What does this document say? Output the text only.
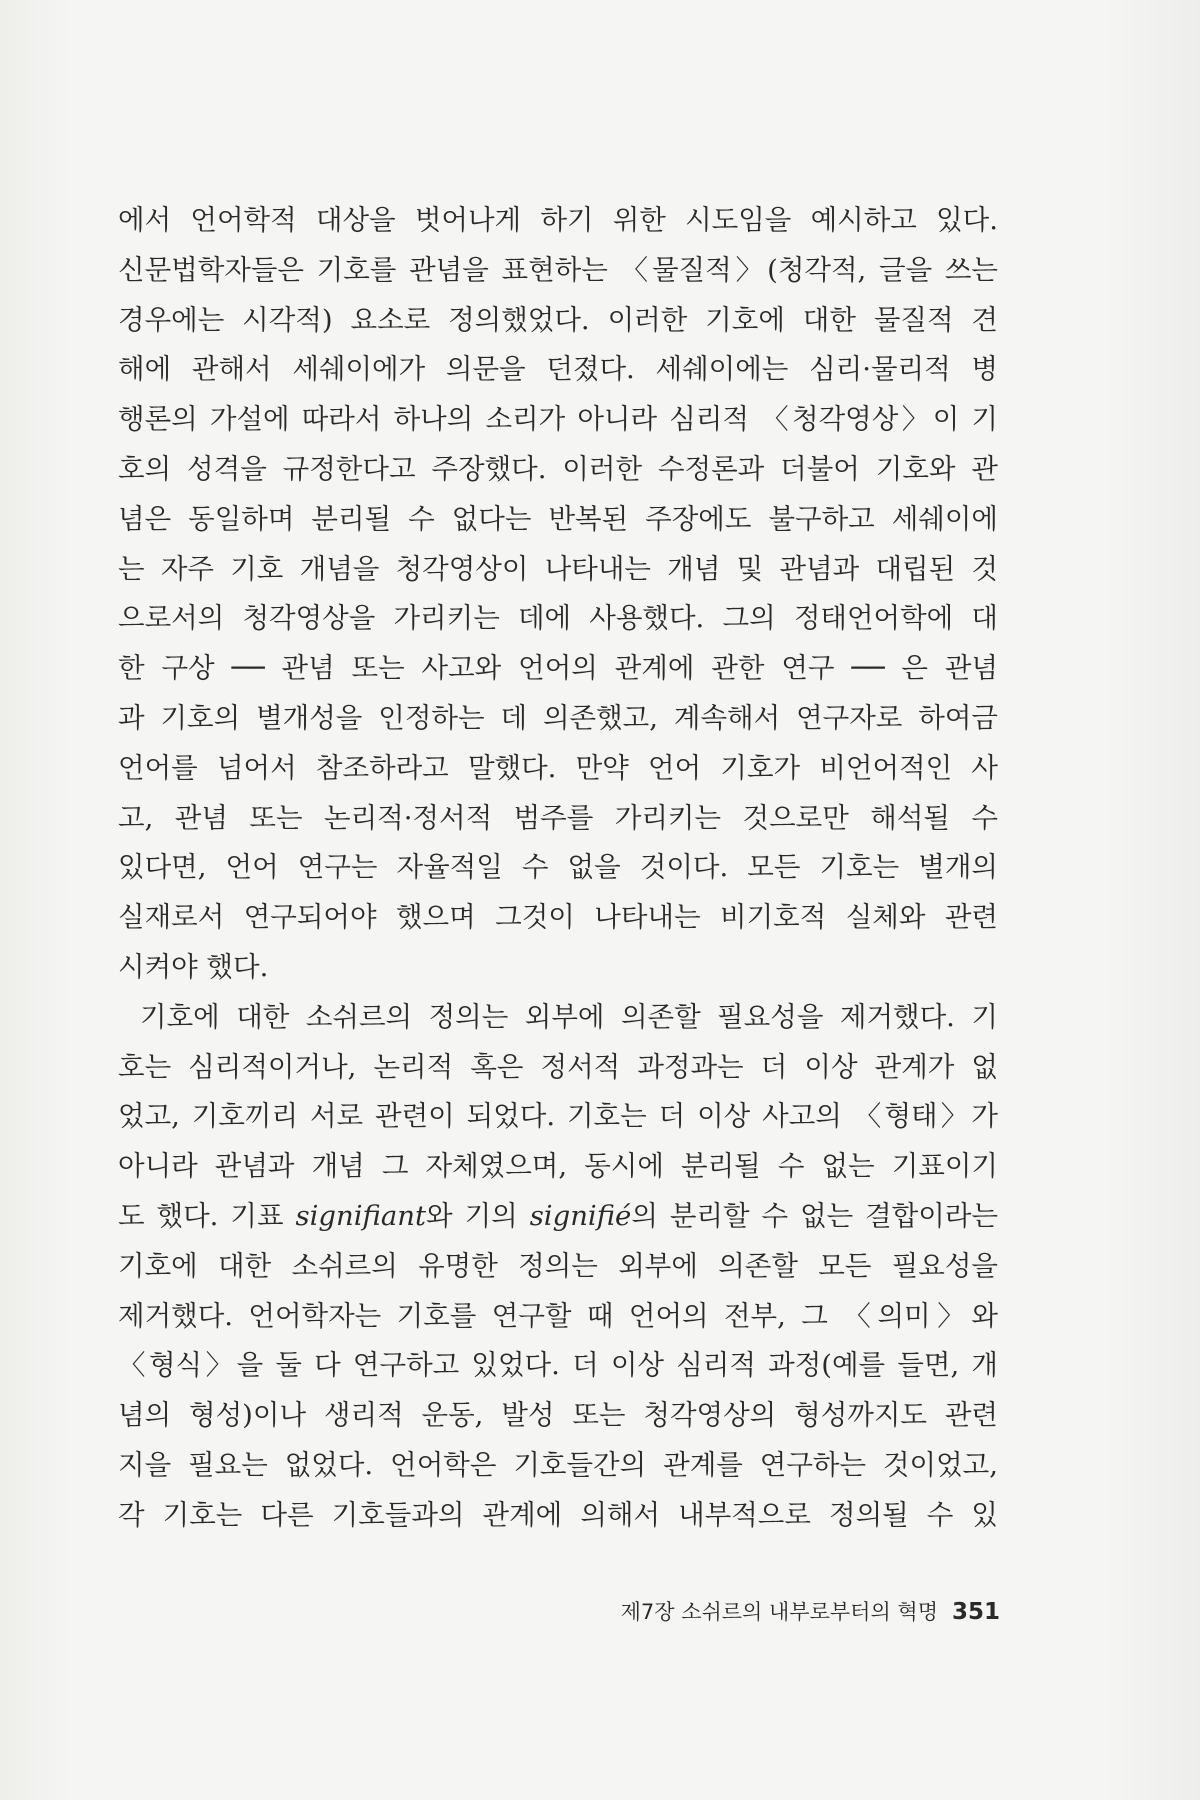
에서 언어학적 대상을 벗어나게 하기 위한 시도임을 예시하고 있다.
신문법학자들은 기호를 관념을 표현하는 〈물질적〉(청각적, 글을 쓰는
경우에는 시각적) 요소로 정의했었다. 이러한 기호에 대한 물질적 견
해에 관해서 세쉐이에가 의문을 던졌다. 세쉐이에는 심리·물리적 병
행론의 가설에 따라서 하나의 소리가 아니라 심리적 〈청각영상〉이 기
호의 성격을 규정한다고 주장했다. 이러한 수정론과 더불어 기호와 관
념은 동일하며 분리될 수 없다는 반복된 주장에도 불구하고 세쉐이에
는 자주 기호 개념을 청각영상이 나타내는 개념 및 관념과 대립된 것
으로서의 청각영상을 가리키는 데에 사용했다. 그의 정태언어학에 대
한 구상 ── 관념 또는 사고와 언어의 관계에 관한 연구 ── 은 관념
과 기호의 별개성을 인정하는 데 의존했고, 계속해서 연구자로 하여금
언어를 넘어서 참조하라고 말했다. 만약 언어 기호가 비언어적인 사
고, 관념 또는 논리적·정서적 범주를 가리키는 것으로만 해석될 수
있다면, 언어 연구는 자율적일 수 없을 것이다. 모든 기호는 별개의
실재로서 연구되어야 했으며 그것이 나타내는 비기호적 실체와 관련
시켜야 했다.
기호에 대한 소쉬르의 정의는 외부에 의존할 필요성을 제거했다. 기
호는 심리적이거나, 논리적 혹은 정서적 과정과는 더 이상 관계가 없
었고, 기호끼리 서로 관련이 되었다. 기호는 더 이상 사고의 〈형태〉가
아니라 관념과 개념 그 자체였으며, 동시에 분리될 수 없는 기표이기
도 했다. 기표 signifiant와 기의 signifié의 분리할 수 없는 결합이라는
기호에 대한 소쉬르의 유명한 정의는 외부에 의존할 모든 필요성을
제거했다. 언어학자는 기호를 연구할 때 언어의 전부, 그 〈의미〉와
〈형식〉을 둘 다 연구하고 있었다. 더 이상 심리적 과정(예를 들면, 개
념의 형성)이나 생리적 운동, 발성 또는 청각영상의 형성까지도 관련
지을 필요는 없었다. 언어학은 기호들간의 관계를 연구하는 것이었고,
각 기호는 다른 기호들과의 관계에 의해서 내부적으로 정의될 수 있
제7장 소쉬르의 내부로부터의 혁명 351
